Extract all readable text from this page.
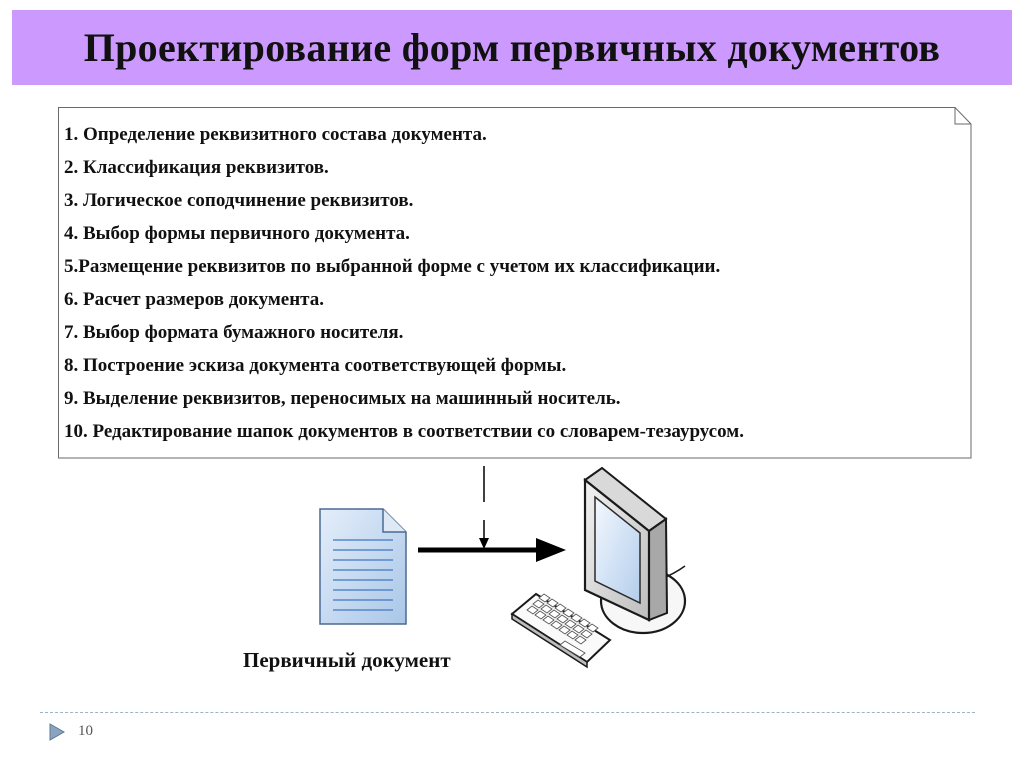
Проектирование форм первичных документов
1. Определение реквизитного состава документа.
2. Классификация реквизитов.
3. Логическое соподчинение реквизитов.
4. Выбор формы первичного документа.
5.Размещение реквизитов по выбранной форме с учетом их классификации.
6. Расчет размеров документа.
7. Выбор формата бумажного носителя.
8. Построение эскиза документа соответствующей формы.
9. Выделение реквизитов, переносимых на машинный носитель.
10. Редактирование шапок документов в соответствии со словарем-тезаурусом.
Первичный документ
10
